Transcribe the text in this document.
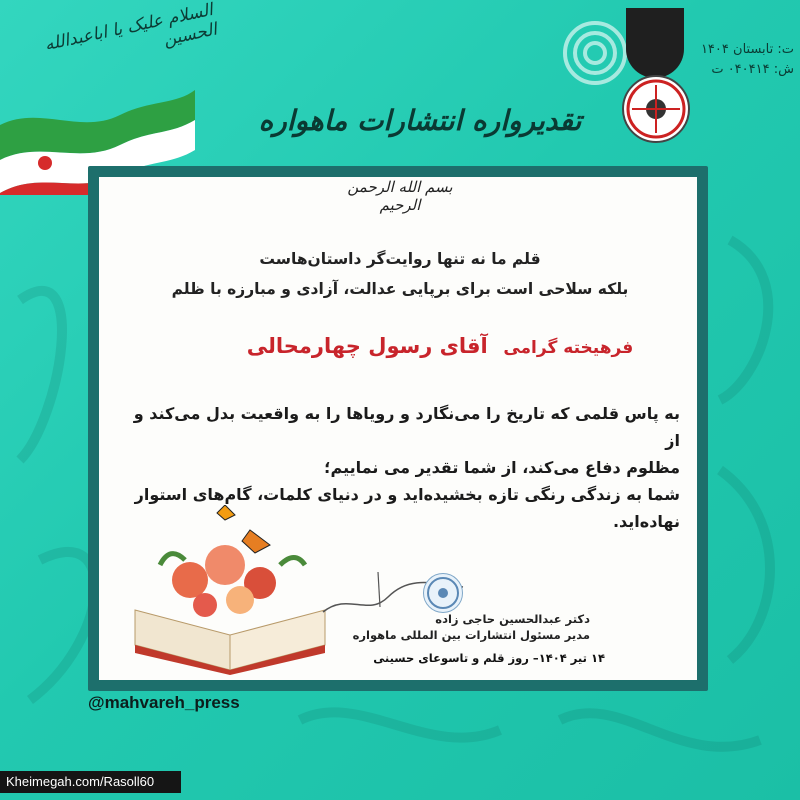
السلام علیک یا اباعبدالله الحسین
تقدیرواره انتشارات ماهواره
ت: تابستان ۱۴۰۴
ش: ۰۴۰۴۱۴ ت
بسم الله الرحمن الرحیم
قلم ما نه تنها روایت‌گر داستان‌هاست
بلکه سلاحی است برای برپایی عدالت، آزادی و مبارزه با ظلم
فرهیخته گرامی آقای رسول چهارمحالی
به پاس قلمی که تاریخ را می‌نگارد و رویاها را به واقعیت بدل می‌کند و از
مظلوم دفاع می‌کند، از شما تقدیر می نماییم؛
شما به زندگی رنگی تازه بخشیده‌اید و در دنیای کلمات، گام‌های استوار
نهاده‌اید.
دکتر عبدالحسین حاجی زاده
مدیر مسئول انتشارات بین المللی ماهواره
۱۴ تیر ۱۴۰۴– روز قلم و تاسوعای حسینی
@mahvareh_press
Kheimegah.com/Rasoll60
